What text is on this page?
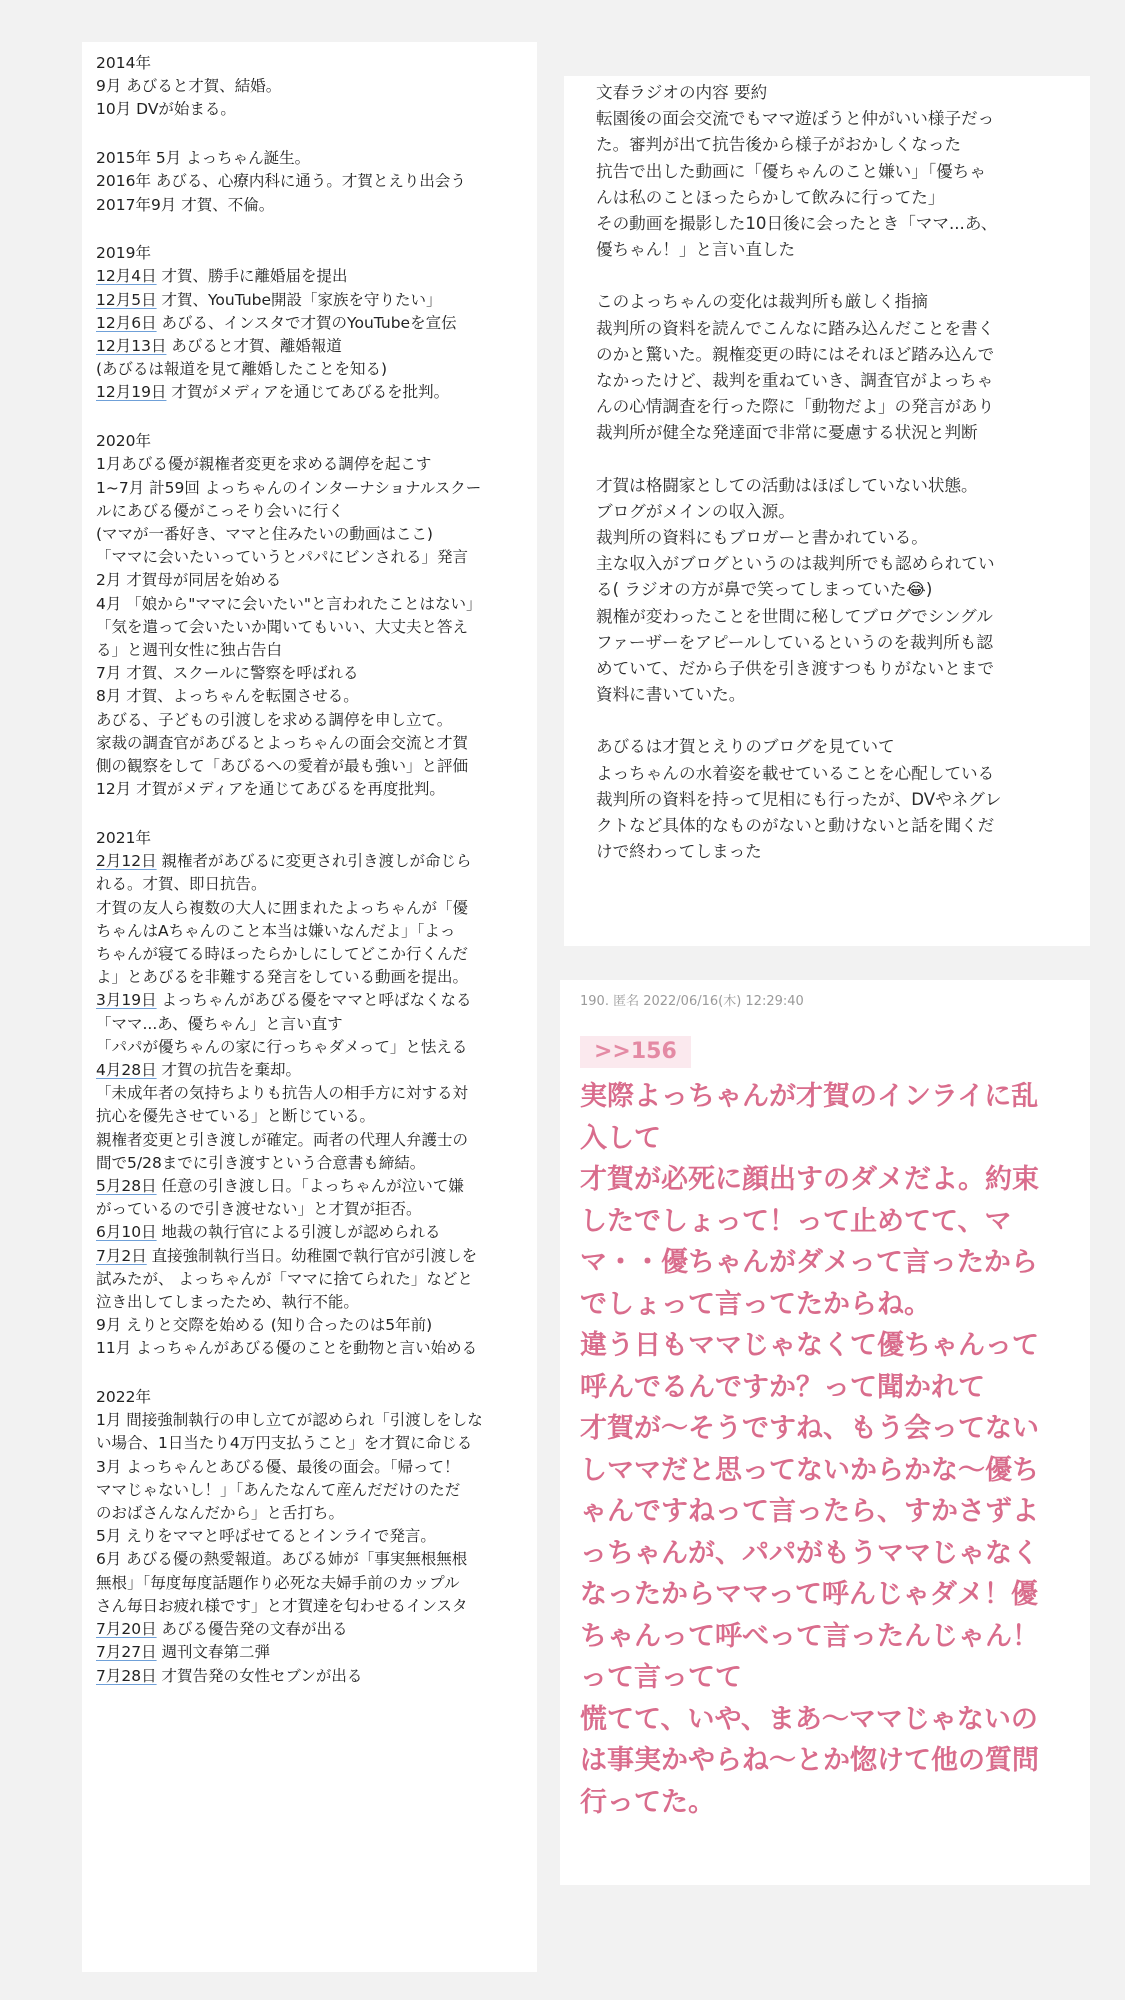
2014年
9月 あびると才賀、結婚。
10月 DVが始まる。
2015年 5月 よっちゃん誕生。
2016年 あびる、心療内科に通う。才賀とえり出会う
2017年9月 才賀、不倫。
2019年
12月4日 才賀、勝手に離婚届を提出
12月5日 才賀、YouTube開設「家族を守りたい」
12月6日 あびる、インスタで才賀のYouTubeを宣伝
12月13日 あびると才賀、離婚報道
(あびるは報道を見て離婚したことを知る)
12月19日 才賀がメディアを通じてあびるを批判。
2020年
1月あびる優が親権者変更を求める調停を起こす
1~7月 計59回 よっちゃんのインターナショナルスクー
ルにあびる優がこっそり会いに行く
(ママが一番好き、ママと住みたいの動画はここ)
「ママに会いたいっていうとパパにビンされる」発言
2月 才賀母が同居を始める
4月 「娘から"ママに会いたい"と言われたことはない」
「気を遣って会いたいか聞いてもいい、大丈夫と答え
る」と週刊女性に独占告白
7月 才賀、スクールに警察を呼ばれる
8月 才賀、よっちゃんを転園させる。
あびる、子どもの引渡しを求める調停を申し立て。
家裁の調査官があびるとよっちゃんの面会交流と才賀
側の観察をして「あびるへの愛着が最も強い」と評価
12月 才賀がメディアを通じてあびるを再度批判。
2021年
2月12日 親権者があびるに変更され引き渡しが命じら
れる。才賀、即日抗告。
才賀の友人ら複数の大人に囲まれたよっちゃんが「優
ちゃんはAちゃんのこと本当は嫌いなんだよ」「よっ
ちゃんが寝てる時ほったらかしにしてどこか行くんだ
よ」とあびるを非難する発言をしている動画を提出。
3月19日 よっちゃんがあびる優をママと呼ばなくなる
「ママ...あ、優ちゃん」と言い直す
「パパが優ちゃんの家に行っちゃダメって」と怯える
4月28日 才賀の抗告を棄却。
「未成年者の気持ちよりも抗告人の相手方に対する対
抗心を優先させている」と断じている。
親権者変更と引き渡しが確定。両者の代理人弁護士の
間で5/28までに引き渡すという合意書も締結。
5月28日 任意の引き渡し日。「よっちゃんが泣いて嫌
がっているので引き渡せない」と才賀が拒否。
6月10日 地裁の執行官による引渡しが認められる
7月2日 直接強制執行当日。幼稚園で執行官が引渡しを
試みたが、 よっちゃんが「ママに捨てられた」などと
泣き出してしまったため、執行不能。
9月 えりと交際を始める (知り合ったのは5年前)
11月 よっちゃんがあびる優のことを動物と言い始める
2022年
1月 間接強制執行の申し立てが認められ「引渡しをしな
い場合、1日当たり4万円支払うこと」を才賀に命じる
3月 よっちゃんとあびる優、最後の面会。「帰って！
ママじゃないし！」「あんたなんて産んだだけのただ
のおばさんなんだから」と舌打ち。
5月 えりをママと呼ばせてるとインライで発言。
6月 あびる優の熱愛報道。あびる姉が「事実無根無根
無根」「毎度毎度話題作り必死な夫婦手前のカップル
さん毎日お疲れ様です」と才賀達を匂わせるインスタ
7月20日 あびる優告発の文春が出る
7月27日 週刊文春第二弾
7月28日 才賀告発の女性セブンが出る
文春ラジオの内容 要約
転園後の面会交流でもママ遊ぼうと仲がいい様子だっ
た。審判が出て抗告後から様子がおかしくなった
抗告で出した動画に「優ちゃんのこと嫌い」「優ちゃ
んは私のことほったらかして飲みに行ってた」
その動画を撮影した10日後に会ったとき「ママ...あ、
優ちゃん！」と言い直した
このよっちゃんの変化は裁判所も厳しく指摘
裁判所の資料を読んでこんなに踏み込んだことを書く
のかと驚いた。親権変更の時にはそれほど踏み込んで
なかったけど、裁判を重ねていき、調査官がよっちゃ
んの心情調査を行った際に「動物だよ」の発言があり
裁判所が健全な発達面で非常に憂慮する状況と判断
才賀は格闘家としての活動はほぼしていない状態。
ブログがメインの収入源。
裁判所の資料にもブロガーと書かれている。
主な収入がブログというのは裁判所でも認められてい
る( ラジオの方が鼻で笑ってしまっていた😂)
親権が変わったことを世間に秘してブログでシングル
ファーザーをアピールしているというのを裁判所も認
めていて、だから子供を引き渡すつもりがないとまで
資料に書いていた。
あびるは才賀とえりのブログを見ていて
よっちゃんの水着姿を載せていることを心配している
裁判所の資料を持って児相にも行ったが、DVやネグレ
クトなど具体的なものがないと動けないと話を聞くだ
けで終わってしまった
190. 匿名 2022/06/16(木) 12:29:40
>>156
実際よっちゃんが才賀のインライに乱
入して
才賀が必死に顔出すのダメだよ。約束
したでしょって！って止めてて、マ
マ・・優ちゃんがダメって言ったから
でしょって言ってたからね。
違う日もママじゃなくて優ちゃんって
呼んでるんですか？って聞かれて
才賀が〜そうですね、もう会ってない
しママだと思ってないからかな〜優ち
ゃんですねって言ったら、すかさずよ
っちゃんが、パパがもうママじゃなく
なったからママって呼んじゃダメ！優
ちゃんって呼べって言ったんじゃん！
って言ってて
慌てて、いや、まあ〜ママじゃないの
は事実かやらね〜とか惚けて他の質問
行ってた。
